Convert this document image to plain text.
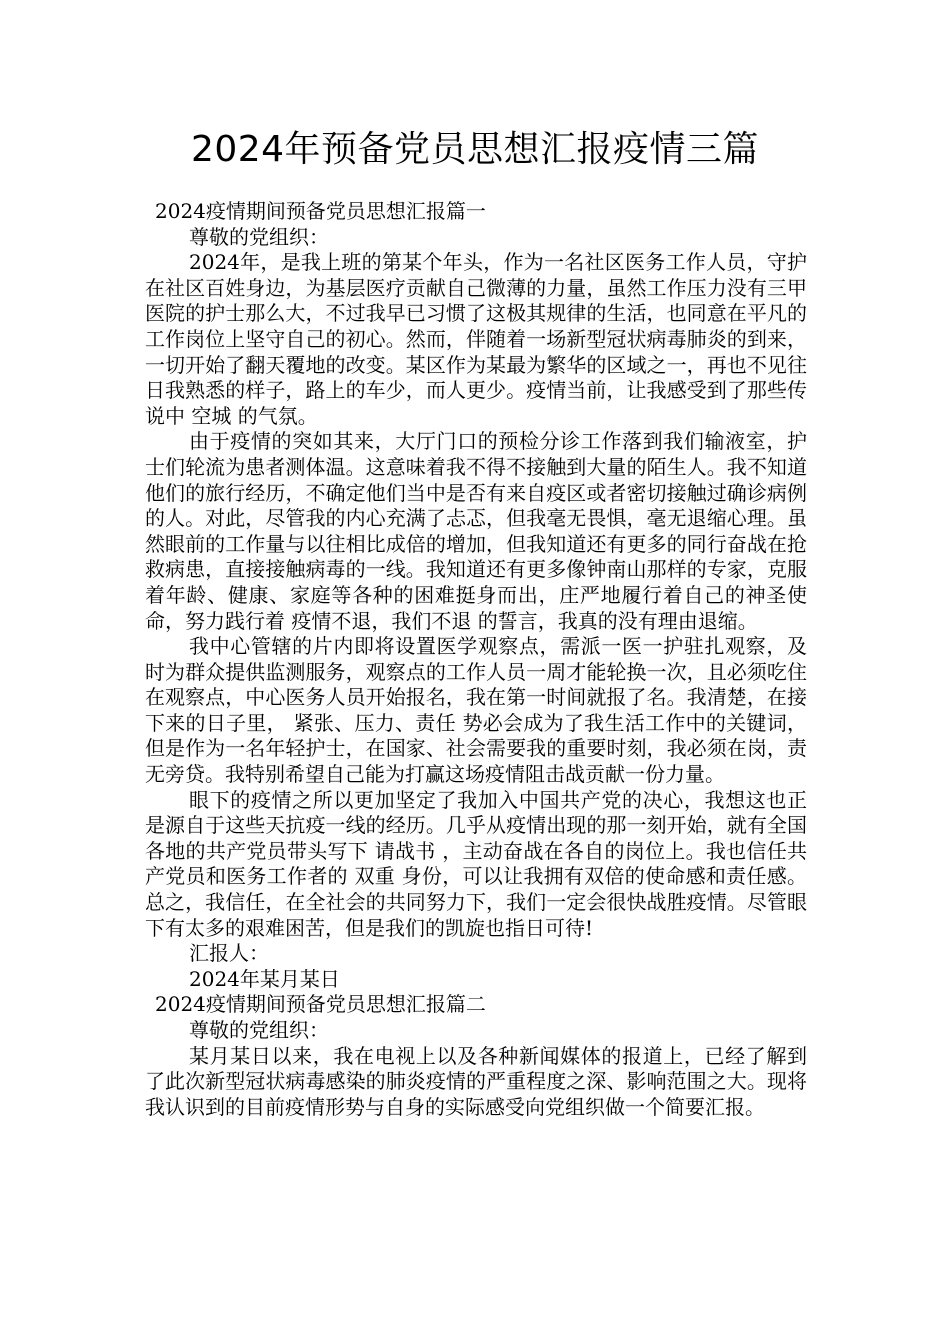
2024年预备党员思想汇报疫情三篇

2024疫情期间预备党员思想汇报篇一

尊敬的党组织：

2024年，是我上班的第某个年头，作为一名社区医务工作人员，守护在社区百姓身边，为基层医疗贡献自己微薄的力量，虽然工作压力没有三甲医院的护士那么大，不过我早已习惯了这极其规律的生活，也同意在平凡的工作岗位上坚守自己的初心。然而，伴随着一场新型冠状病毒肺炎的到来，一切开始了翻天覆地的改变。某区作为某最为繁华的区域之一，再也不见往日我熟悉的样子，路上的车少，而人更少。疫情当前，让我感受到了那些传说中 空城 的气氛。

由于疫情的突如其来，大厅门口的预检分诊工作落到我们输液室，护士们轮流为患者测体温。这意味着我不得不接触到大量的陌生人。我不知道他们的旅行经历，不确定他们当中是否有来自疫区或者密切接触过确诊病例的人。对此，尽管我的内心充满了忐忑，但我毫无畏惧，毫无退缩心理。虽然眼前的工作量与以往相比成倍的增加，但我知道还有更多的同行奋战在抢救病患，直接接触病毒的一线。我知道还有更多像钟南山那样的专家，克服着年龄、健康、家庭等各种的困难挺身而出，庄严地履行着自己的神圣使命，努力践行着 疫情不退，我们不退 的誓言，我真的没有理由退缩。

我中心管辖的片内即将设置医学观察点，需派一医一护驻扎观察，及时为群众提供监测服务，观察点的工作人员一周才能轮换一次，且必须吃住在观察点，中心医务人员开始报名，我在第一时间就报了名。我清楚，在接下来的日子里， 紧张、压力、责任 势必会成为了我生活工作中的关键词，但是作为一名年轻护士，在国家、社会需要我的重要时刻，我必须在岗，责无旁贷。我特别希望自己能为打赢这场疫情阻击战贡献一份力量。

眼下的疫情之所以更加坚定了我加入中国共产党的决心，我想这也正是源自于这些天抗疫一线的经历。几乎从疫情出现的那一刻开始，就有全国各地的共产党员带头写下 请战书 ，主动奋战在各自的岗位上。我也信任共产党员和医务工作者的 双重 身份，可以让我拥有双倍的使命感和责任感。总之，我信任，在全社会的共同努力下，我们一定会很快战胜疫情。尽管眼下有太多的艰难困苦，但是我们的凯旋也指日可待!

汇报人：

2024年某月某日

2024疫情期间预备党员思想汇报篇二

尊敬的党组织：

某月某日以来，我在电视上以及各种新闻媒体的报道上，已经了解到了此次新型冠状病毒感染的肺炎疫情的严重程度之深、影响范围之大。现将我认识到的目前疫情形势与自身的实际感受向党组织做一个简要汇报。
